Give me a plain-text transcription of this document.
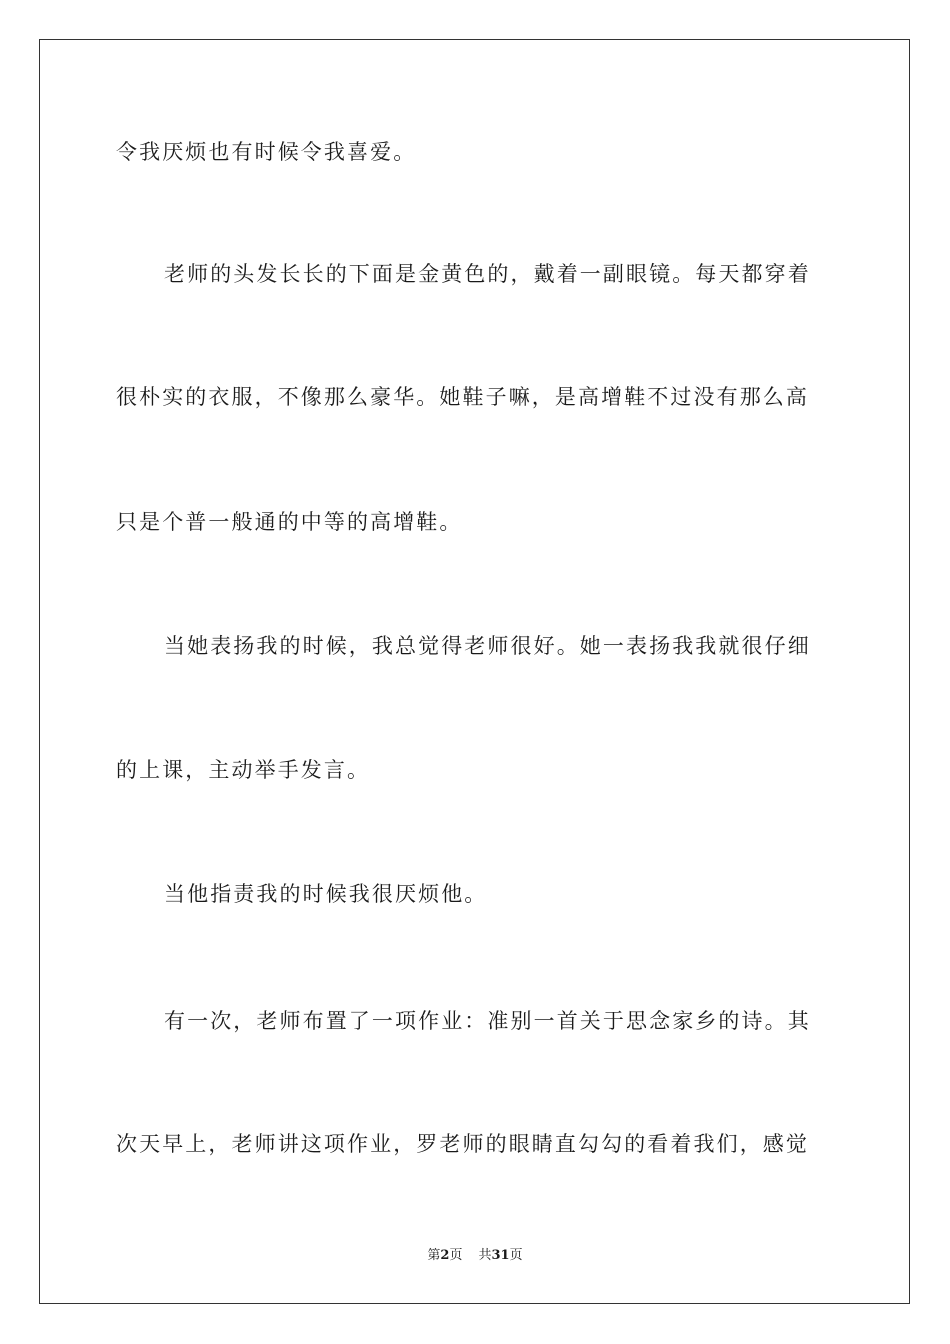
令我厌烦也有时候令我喜爱。
老师的头发长长的下面是金黄色的，戴着一副眼镜。每天都穿着
很朴实的衣服，不像那么豪华。她鞋子嘛，是高增鞋不过没有那么高
只是个普一般通的中等的高增鞋。
当她表扬我的时候，我总觉得老师很好。她一表扬我我就很仔细
的上课，主动举手发言。
当他指责我的时候我很厌烦他。
有一次，老师布置了一项作业：准别一首关于思念家乡的诗。其
次天早上，老师讲这项作业，罗老师的眼睛直勾勾的看着我们，感觉
第2页 共31页
